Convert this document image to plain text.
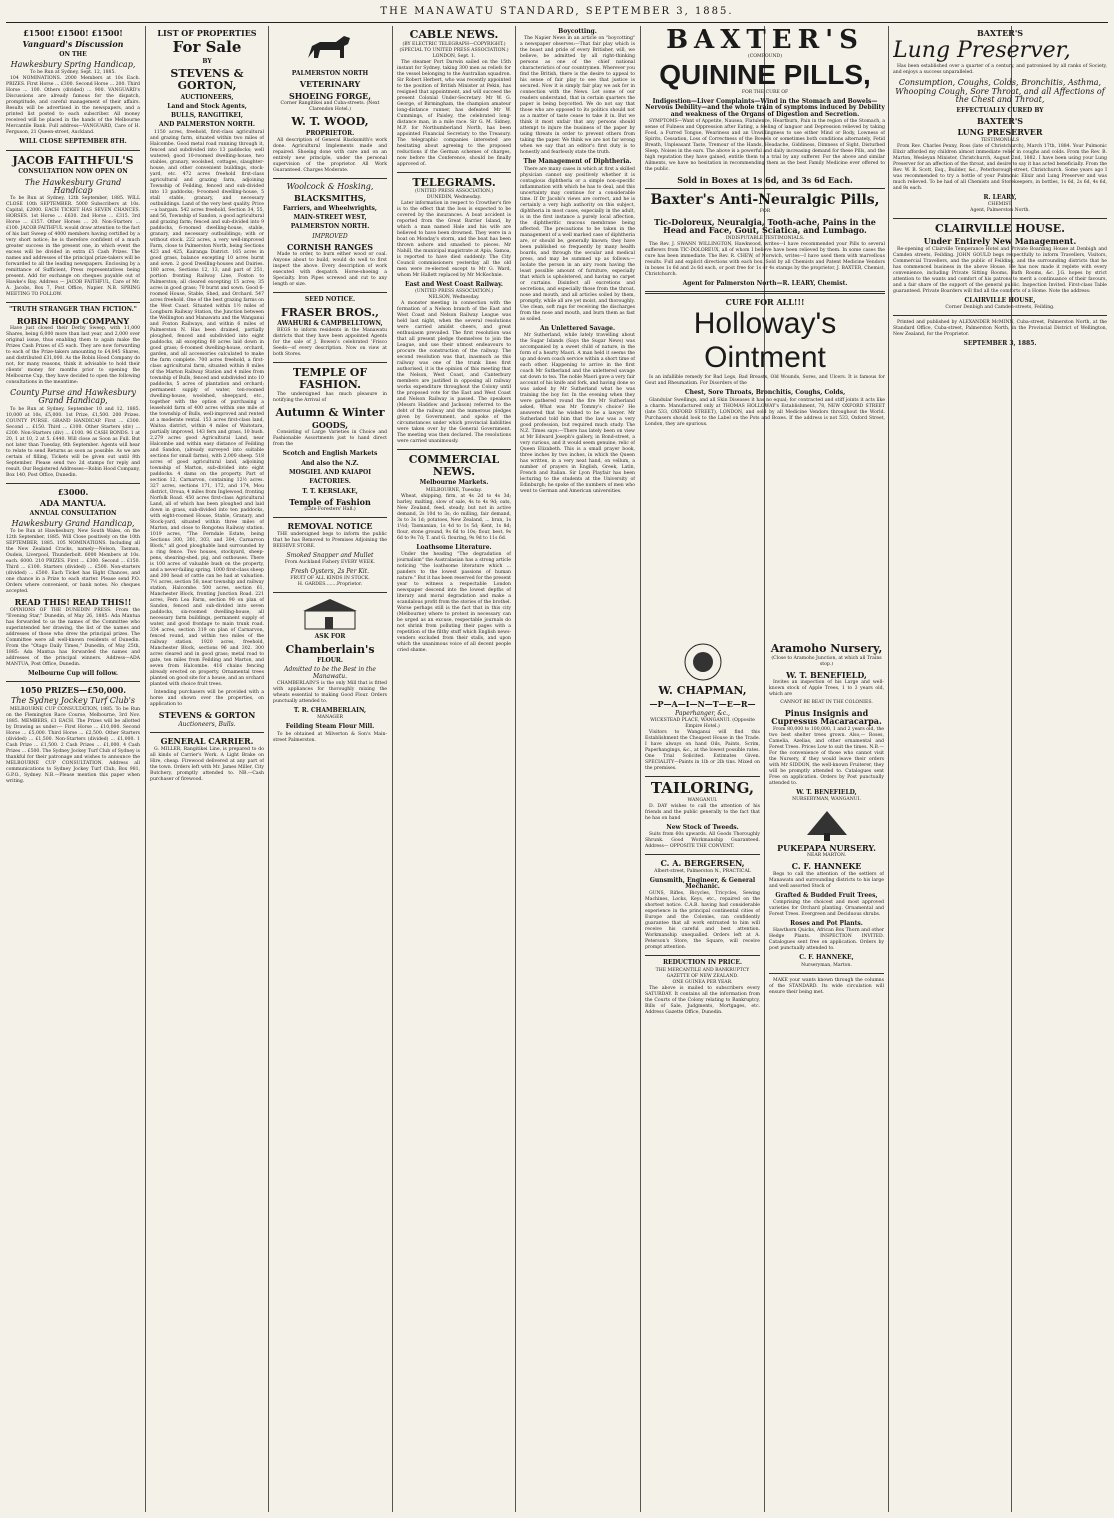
THE MANAWATU STANDARD, SEPTEMBER 3, 1885.
£1500! £1500! £1500!
Vanguard's Discussion
ON THE
Hawkesbury Spring Handicap,
To be Run at Sydney, Sept. 12, 1885.

104 NOMINATIONS. 2000 Members at 10s Each. PRIZES. First Horse ... £300. Second Horse ... 200. Third Horse ... 100. Others (divided) ... 900. VANGUARD's Discussions are already famous for the dispatch, promptitude, and careful management of their affairs. Results will be advertised in the newspapers, and a printed list posted to each subscriber. All money received will be placed in the hands of the Melbourne Mercantile Bank. Full address—VANGUARD, Care of H. Ferguson, 21 Queen-street, Auckland.

WILL CLOSE SEPTEMBER 8TH.
JACOB FAITHFUL'S
CONSULTATION NOW OPEN ON
The Hawkesbury Grand Handicap

To be Run at Sydney, 12th September, 1885. WILL CLOSE 10th SEPTEMBER. 5000 Subscribers at 10s. Capital, £2000. EACH TICKET HAS SEVEN CHANCES. HORSES. 1st Horse ... £630. 2nd Horse ... £315. 3rd Horse ... £157. Other Horses ... 20. Non-Starters ... £100. JACOB FAITHFUL would draw attention to the fact of his last Sweep of 4000 members having certified by a very short notice; he is therefore confident of a much greater success in the present one, in which event the excess will be divided in extra £5 Cash Prizes. The names and addresses of the principal prize-takers will be forwarded to all the leading newspapers. Enclosing by a remittance of Sufficient, Press representatives being present. Add for exchange on cheques payable out of Hawke's Bay. Address — JACOB FAITHFUL, Care of Mr. A. Jacobs, Box 7, Post Office, Napier. N.B. SPRING MEETING TO FOLLOW.

"TRUTH STRANGER THAN FICTION."
ROBIN HOOD COMPANY

Have just closed their Derby Sweep, with 11,000 Shares, being 6,000 more than last year, and 2,000 over original issue, thus enabling them to again make the Prizes Cash Prizes of £5 each. They are now forwarding to each of the Prize-takers amounting to £4,845 Shares, and distributed £31,000. As the Robin Hood Company do not, for many reasons, think it advisable to hold their clients' money for months prior to opening the Melbourne Cup, they have decided to open the following consultations in the meantime:

County Purse and Hawkesbury Grand Handicap,

To be Run at Sydney, September 10 and 12, 1885. 10,000 at 10s, £5,000. 1st Prize, £1,500. 200 Prizes. COUNTY PURSE. GRAND HANDICAP. First ... £300. Second ... £150. Third ... £100. Other Starters (div) ... £200. Non-Starters (div) ... £100. 96 CASH BONDS. 1 at 20, 1 at 10, 2 at 5. £440. Will close as Soon as Full. But not later than Tuesday, 8th September. Agents will hear to relate to send Returns as soon as possible. As we are certain of filling, Tickets will be given out until 8th September. Please send two 2d stamps for reply and result. Our Registered Addresses—Robin Hood Company, Box 140, Post Office, Dunedin.

£3000.
ADA MANTUA.
ANNUAL CONSULTATION
Hawkesbury Grand Handicap,

To be Run at Hawkesbury, New South Wales, on the 12th September, 1885. Will Close positively on the 10th SEPTEMBER, 1885. 105 NOMINATIONS. Including all the New Zealand Cracks, namely—Nelson, Tasman, Oudeis, Liverpool, Thunderbolt. 6000 Members at 10s. each. 6000. 210 PRIZES. First ... £300. Second ... £150. Third ... £100. Starters (divided) ... £500. Non-starters (divided) ... £500. Each Ticket has Eight Chances, and one chance in a Prize to each starter. Please send P.O. Orders where convenient, or bank notes. No cheques accepted.

READ THIS! READ THIS!!

OPINIONS OF THE DUNEDIN PRESS. From the "Evening Star," Dunedin, of May 26, 1885: Ada Mantua has forwarded to us the names of the Committee who superintended her drawing, the list of the names and addresses of those who drew the principal prizes. The Committee were all well-known residents of Dunedin. From the "Otago Daily Times," Dunedin, of May 25th, 1885: Ada Mantua has forwarded the names and addresses of the principal winners. Address—ADA MANTUA, Post Office, Dunedin.

Melbourne Cup will follow.
1050 PRIZES—£50,000.
The Sydney Jockey Turf Club's

MELBOURNE CUP CONSULTATION, 1885. To be Run on the Flemington Race Course, Melbourne, 3rd Nov. 1885. MEMBERS, £1 EACH. The Prizes will be allotted by Drawing as under:— First Horse ... £10,000. Second Horse ... £5,000. Third Horse ... £2,500. Other Starters (divided) ... £1,500. Non-Starters (divided) ... £1,000. 1 Cash Prize ... £1,500. 2 Cash Prizes ... £1,000. 4 Cash Prizes ... £500. The Sydney Jockey Turf Club of Sydney is thankful for their patronage and wishes to announce the MELBOURNE CUP CONSULTATION. Address all communications to Sydney Jockey Turf Club, Box 981, G.P.O., Sydney. N.B.—Please mention this paper when writing.

LIST OF PROPERTIES
For Sale
BY
STEVENS & GORTON,
AUCTIONEERS,
Land and Stock Agents,
BULLS, RANGITIKEI,
AND PALMERSTON NORTH.

1150 acres, freehold, first-class agricultural and grazing farm, situated within two miles of Halcombe. Good metal road running through it, fenced and subdivided into 13 paddocks; well watered; good 10-roomed dwelling-house, two stables, granary, woolshed, cottages, slaughter-house, and other convenient buildings, stock-yard, etc. 472 acres freehold first-class agricultural and grazing farm, adjoining Township of Feilding, fenced and sub-divided into 13 paddocks; 9-roomed dwelling-house, 5 stall stable, granary, and necessary outbuildings. Land of the very best quality. Price—a bargain. 542 acres freehold, Section 34, 55, and 56, Township of Sandon, a good agricultural and grazing farm; fenced and sub-divided into 9 paddocks, 6-roomed dwelling-house, stable, granary, and necessary outbuildings; with or without stock. 222 acres, a very well-improved Farm, close to Palmerston North, being Sections 423 and 425, Kairanga District. 165 acres in good grass, balance excepting 10 acres burnt and sown. 2 good Dwelling-houses and Dairies. 180 acres, Sections 12, 13, and part of 251, portion fronting Railway Line, Foxton to Palmerston; all cleared excepting 15 acres; 35 acres in good grass; 70 burnt and sown. Good 6-roomed House, Stable, Shed, and Orchard. 547 acres freehold. One of the best grazing farms on the West Coast. Situated within 1½ miles of Longburn Railway Station, the Junction between the Wellington and Manawatu and the Wanganui and Foxton Railways, and within 6 miles of Palmerston N. Has been drained, partially ploughed, fenced and subdivided into eight paddocks, all excepting 60 acres laid down in good grass; 6-roomed dwelling-house, orchard, garden, and all accessories calculated to make the farm complete. 700 acres freehold, a first-class agricultural farm, situated within 8 miles of the Marton Railway Station and 4 miles from township of Bulls, fenced and subdivided into 10 paddocks, 5 acres of plantation and orchard; permanent supply of water, ten-roomed dwelling-house, woolshed, sheepyard, etc., together with the option of purchasing a leasehold farm of 400 acres within one mile of the township of Bulls, well-improved and rented at a moderate rental. 153 acres first-class land, Waitoa district, within 4 miles of Waitotara, partially improved, 143 fern and grass, 10 bush. 2,279 acres good Agricultural Land, near Halcombe and within easy distance of Feilding and Sandon, (already surveyed into suitable sections for small farms), with 2,000 sheep. 518 acres of good agricultural land, adjoining township of Marton, sub-divided into eight paddocks. 4 dams on the property. Part of section 12, Carnarvon, containing 12½ acres. 327 acres, sections 171, 172, and 174, Mou district, Oroua, 4 miles from Inglewood, fronting Norfolk Road. 450 acres first-class Agricultural Land, all of which has been ploughed and laid down in grass, sub-divided into ten paddocks, with eight-roomed House, Stable, Granary, and Stock-yard, situated within three miles of Marton, and close to Rongotea Railway station. 1019 acres, "The Ferndale Estate, being Sections 300, 301, 303, and 304, Carnarvon Block," all good ploughable land surrounded by a ring fence. Two houses, stockyard, sheep-pens, shearing-shed, pig, and outhouses. There is 100 acres of valuable bush on the property, and a never-failing spring. 1000 first-class sheep and 200 head of cattle can be had at valuation. 7½ acres, section 58, near township and railway station, Halcombe. 500 acres, section 61, Manchester Block, fronting Junction Road. 221 acres, Fern Lea Farm, section 90 on plan of Sandon, fenced and sub-divided into seven paddocks, six-roomed dwelling-house, all necessary farm buildings, permanent supply of water, and good frontage to main trunk road. 334 acres, section 319 on plan of Carnarvon, fenced round, and within two miles of the railway station. 1920 acres, freehold, Manchester Block, sections 96 and 302. 300 acres cleared and in good grass; metal road to gate, ten miles from Feilding and Marton, and seven from Halcombe. 416 chains fencing already erected on property. Ornamental trees planted on good site for a house, and an orchard planted with choice fruit trees.

Intending purchasers will be provided with a horse and shown over the properties, on application to

STEVENS & GORTON
Auctioneers, Bulls.
GENERAL CARRIER.

G. MILLER, Rangitikei Line, is prepared to do all kinds of Carrier's Work. A Light Brake on Hire, cheap. Firewood delivered at any part of the town. Orders left with Mr. James Miller, City Butchery, promptly attended to. NB.—Cash purchaser of firewood.

PALMERSTON NORTH
VETERINARY
SHOEING FORGE,
Corner Rangitikei and Cuba-streets. (Next Clarendon Hotel.)
W. T. WOOD,
PROPRIETOR.

All description of General Blacksmith's work done. Agricultural Implements made and repaired. Shoeing done with care and on an entirely new principle, under the personal supervision of the proprietor. All Work Guaranteed. Charges Moderate.

Woolcock & Hosking,
BLACKSMITHS,
Farriers, and Wheelwrights,
MAIN-STREET WEST,
PALMERSTON NORTH.
IMPROVED
CORNISH RANGES

Made to order, to burn either wood or coal. Anyone about to build, would do well to first inspect the above. Every description of work executed with despatch. Horse-shoeing a Specialty. Iron Pipes screwed and cut to any length or size.

SEED NOTICE.
FRASER BROS.,
AWAHURI & CAMPBELLTOWN,

BEGS to inform residents in the Manawatu districts that they have been appointed Agents for the sale of J. Bowen's celebrated 'Frisco Seeds—of every description. Now on view at both Stores.

TEMPLE OF FASHION.

The undersigned has much pleasure in notifying the Arrival of

Autumn & Winter
GOODS,

Consisting of Large Varieties in Choice and Fashionable Assortments just to hand direct from the

Scotch and English Markets
And also the N.Z.
MOSGIEL AND KAIAPOI
FACTORIES.
T. T. KERSLAKE,
Temple of Fashion
(Late Foresters' Hall.)
REMOVAL NOTICE

THE undersigned begs to inform the public that he has Removed to Premises Adjoining the BEEHIVE STORE.

Smoked Snapper and Mullet
From Auckland Fishery EVERY WEEK.
Fresh Oysters, 2s Per Kit.
FRUIT OF ALL KINDS IN STOCK.
H. GARDES........Proprietor.
ASK FOR
Chamberlain's
FLOUR.
Admitted to be the Best in the Manawatu.

CHAMBERLAIN'S is the only Mill that is fitted with appliances for thoroughly mixing the wheats essential to making Good Flour. Orders punctually attended to.

T. R. CHAMBERLAIN,
MANAGER
Feilding Steam Flour Mill.

To be obtained at Milverton & Son's Main-street Palmerston.

CABLE NEWS.
(BY ELECTRIC TELEGRAPH—COPYRIGHT.)
(SPECIAL TO UNITED PRESS ASSOCIATION.)
LONDON, Sept. 1.

The steamer Port Darwin sailed on the 15th instant for Sydney, taking 300 men as reliefs for the vessel belonging to the Australian squadron. Sir Robert Herbert, who was recently appointed to the position of British Minister at Pekin, has resigned that appointment, and will succeed the present Colonial Under-Secretary. Mr W. G. George, of Birmingham, the champion amateur long-distance runner, has defeated Mr W. Cummings, of Paisley, the celebrated long-distance man, in a mile race. Sir G. M. Sidney, M.P. for Northumberland North, has been appointed Financial Secretary to the Treasury. The telegraphic companies interested are hesitating about agreeing to the proposed reductions if the German schemes of charges, now before the Conference, should be finally approved of.

TELEGRAMS.
(UNITED PRESS ASSOCIATION.)
DUNEDIN, Wednesday.

Later information in respect to Crowther's fire is to the effect that the loss is expected to be covered by the insurances. A boat accident is reported from the Great Barrier Island, by which a man named Hale and his wife are believed to have been drowned. They were in a boat on Monday's storm, and the boat has been thrown ashore and smashed to pieces. Mr Nahill, the municipal magistrate at Apia, Samoa, is reported to have died suddenly. The City Council commissioners yesterday all the old men were re-elected except to Mr G. Ward, whom Mr Hallett replaced by Mr McKechnie.

East and West Coast Railway.
(UNITED PRESS ASSOCIATION.)
NELSON, Wednesday.

A monster meeting in connection with the formation of a Nelson branch of the East and West Coast and Nelson Railway League was held last night, when the several resolutions were carried amidst cheers, and great enthusiasm prevailed. The first resolution was that all present pledge themselves to join the League, and use their utmost endeavours to procure the construction of the railway. The second resolution was that, inasmuch as this railway was one of the trunk lines first authorised, it is the opinion of this meeting that the Nelson, West Coast, and Canterbury members are justified in opposing all railway works expenditure throughout the Colony until the proposed vote for the East and West Coast and Nelson Railway is passed. The speakers (Messrs Haddow and Jackson) referred to the debt of the railway and the numerous pledges given by Government, and spoke of the circumstances under which provincial liabilities were taken over by the General Government. The meeting was then declared. The resolutions were carried unanimously.

COMMERCIAL NEWS.
Melbourne Markets.
MELBOURNE, Tuesday.

Wheat, shipping, firm, at 4s 2d to 4s 3d; barley, malting, slow of sale, 4s to 4s 9d; oats, New Zealand, feed, steady, but not in active demand, 2s 10d to 3s; do milling, fair demand, 3s to 3s 1d; potatoes, New Zealand, ... bran, 1s 1½d; Tasmanian, 1s 4d to 1s 5d; Kent, 1s 8d; flour, stone ground, 9s 6d to 10s; flour, best, 9s 6d to 9s 7d; T. and G. flouring, 9s 9d to 11s 6d.

Loathsome Literature.

Under the heading "The degradation of journalism" the Australasian has a strong article noticing "the loathsome literature which ... panders to the lowest passions of human nature." But it has been reserved for the present year to witness a respectable London newspaper descend into the lowest depths of literary and moral degradation and make a scandalous profit from the stories of the brothel. Worse perhaps still is the fact that in this city (Melbourne) where to protest in necessary can be urged as an excuse, respectable journals do not shrink from polluting their pages with a repetition of the filthy stuff which English news-venders excluded from their stalls, and upon which the unanimous voice of all decent people cried shame.

Boycotting.

The Napier News in an article on "boycotting" a newspaper observes:—That fair play which is the boast and pride of every Britisher, will, we believe, be admitted by all right-thinking persons as one of the chief national characteristics of our countrymen. Wherever you find the British, there is the desire to appeal to his sense of fair play to see that justice is secured. Now it is simply fair play we ask for in connection with the News. Let some of our readers understand, that in certain quarters the paper is being boycotted. We do not say that those who are opposed to its politics should not as a matter of taste cease to take it in. But we think it most unfair that any persons should attempt to injure the business of the paper by using threats in order to prevent others from taking the paper. We think we are not far wrong when we say that an editor's first duty is to honestly and fearlessly state the truth.

The Management of Diphtheria.

There are many cases in which at first a skilled physician cannot say positively whether it is contagious diphtheria or a simple non-specific inflammation with which he has to deal, and this uncertainty may continue for a considerable time. If Dr Jacobi's views are correct, and he is certainly a very high authority on this subject, diphtheria in most cases, especially in the adult, is in the first instance a purely local affection, the diphtheritic mucous membrane being affected. The precautions to be taken in the management of a well marked case of diphtheria are, or should be, generally known; they have been published so frequently by many health boards, and through the secular and medical press, and may be summed up as follows:—Isolate the person in an airy room having the least possible amount of furniture, especially that which is upholstered, and having no carpet or curtains. Disinfect all excretions and secretions, and especially those from the throat, nose and mouth, and all articles soiled by them, promptly, while all are yet moist, and thoroughly. Use clean, soft rags for receiving the discharges from the nose and mouth, and burn them as fast as soiled.

An Unlettered Savage.

Mr Sutherland, while lately travelling about the Sugar Islands (Says the Sugar News) was accompanied by a sweet child of nature, in the form of a hearty Maori. A man held it seems the up and down coach service within a short time of each other. Happening to arrive in the first coach Mr Sutherland and the unlettered savage sat down to tea. The noble Maori gave a very fair account of his knife and fork, and having done so was asked by Mr Sutherland what he was training the boy for. In the evening when they were gathered round the fire Mr Sutherland asked, What was Mr Tommy's choice? He answered that he wished to be a lawyer. Mr Sutherland told him that the law was a very good profession, but required much study. The N.Z. Times says:—There has lately been on view at Mr Edward Joseph's gallery, in Bond-street, a very curious, and it would seem genuine, relic of Queen Elizabeth. This is a small prayer book, three inches by two inches, in which the Queen has written, in a very neat hand, on vellum, a number of prayers in English, Greek, Latin, French and Italian. Sir Lyon Playfair has been lecturing to the students at the University of Edinburgh; he spoke of the numbers of men who went to German and American universities.

BAXTER'S
(COMPOUND)
QUININE PILLS,
FOR THE CURE OF
Indigestion—Liver Complaints—Wind in the Stomach and Bowels—Nervous Debility—and the whole train of symptoms induced by Debility and weakness of the Organs of Digestion and Secretion.

SYMPTOMS—Want of Appetite, Nausea, Flatulence, Heartburn, Pain in the region of the Stomach, a sense of Fulness and Oppression after Eating, a feeling of languor and Depression relieved by taking Food, a Furred Tongue, Weariness and an Unwillingness to use either Mind or Body, Lowness of Spirits, Cessation, Loss of Correctness of the Bowels or sometimes both conditions alternately, Fetid Breath, Unpleasant Taste, Tremour of the Hands, Headache, Giddiness, Dimness of Sight, Disturbed Sleep, Noises in the ears. The above is a powerful and daily increasing demand for these Pills, and the high reputation they have gained, entitle them to a trial by any sufferer. For the above and similar Ailments, we have no hesitation in recommending them as the best Family Medicine ever offered to the public.

Sold in Boxes at 1s 6d, and 3s 6d Each.
Baxter's Anti-Neuralgic Pills,
FOR
Tic-Doloreux, Neuralgia, Tooth-ache, Pains in the Head and Face, Gout, Sciatica, and Lumbago.
INDISPUTABLE TESTIMONIALS.

The Rev. J. SWANN WILLINGTON, Hawkwood, writes—I have recommended your Pills to several sufferers from TIC-DOLOREUX, all of whom I believe have been relieved by them. In some cases the cure has been immediate. The Rev. R. CHEW, of Norwich, writes—I have used them with marvellous results. Full and explicit directions with each box. Sold by all Chemists and Patent Medicine Vendors in boxes 1s 6d and 2s 6d each, or post free for 1s or 4s stamps by the proprietor, J. BAXTER, Chemist, Christchurch.

Agent for Palmerston North—R. LEARY, Chemist.
CURE FOR ALL!!!
Holloway's Ointment

Is an infallible remedy for Bad Legs, Bad Breasts, Old Wounds, Sores, and Ulcers. It is famous for Gout and Rheumatism. For Disorders of the

Chest, Sore Throats, Bronchitis, Coughs, Colds,

Glandular Swellings, and all Skin Diseases it has no equal; for contracted and stiff joints it acts like a charm. Manufactured only at THOMAS HOLLOWAY's Establishment, 78, NEW OXFORD STREET (late 533, OXFORD STREET), LONDON, and sold by all Medicine Vendors throughout the World. Purchasers should look to the Label on the Pots and Boxes. If the address is not 533, Oxford Street, London, they are spurious.

W. CHAPMAN,
—P—A—I—N—T—E—R—
Paperhanger, &c.,
WICKSTEAD PLACE, WANGANUI. (Opposite Empire Hotel.)

Visitors to Wanganui will find this Establishment the Cheapest House in the Trade. I have always on hand Oils, Paints, Scrim, Paperhangings, &c., at the lowest possible rates. One Trial Solicited. Estimates Given. SPECIALITY—Paints in 1lb or 2lb tins. Mixed on the premises.

TAILORING,
WANGANUI.

D. DAY wishes to call the attention of his friends and the public generally to the fact that he has on hand

New Stock of Tweeds.

Suits from 60s upwards. All Goods Thoroughly Shrunk. Good Workmanship Guaranteed. Address— OPPOSITE THE CONVENT.

C. A. BERGERSEN,
Albert-street, Palmerston N., PRACTICAL
Gunsmith, Engineer, & General Mechanic.

GUNS, Rifles, Bicycles, Tricycles, Sewing Machines, Locks, Keys, etc., repaired on the shortest notice. C.A.B. having had considerable experience in the principal continental cities of Europe and the Colonies, can confidently guarantee that all work entrusted to him will receive his careful and best attention. Workmanship unequalled. Orders left at A. Peterson's Store, the Square, will receive prompt attention.

REDUCTION IN PRICE.
THE MERCANTILE AND BANKRUPTCY GAZETTE OF NEW ZEALAND.
ONE GUINEA PER YEAR.

The above is mailed to subscribers every SATURDAY. It contains all the information from the Courts of the Colony relating to Bankruptcy, Bills of Sale, Judgments, Mortgages, etc. Address Gazette Office, Dunedin.

Aramoho Nursery,
(Close to Aramoho Junction, at which all Trains stop.)
W. T. BENEFIELD,

Invites an inspection of his Large and well-known stock of Apple Trees, 1 to 3 years old, which are

CANNOT BE BEAT IN THE COLONIES.
Pinus Insignis and Cupressus Macaracarpa.

From 80,000 to 100,000, 1 and 2 years old, the two best shelter trees grown. Also,— Roses, Camelia, Azelias, and other ornamental and Forest Trees. Prices Low to suit the times. N.B.—For the convenience of those who cannot visit the Nursery, if they would leave their orders with Mr SIDDON, the well-known Fruiterer, they will be promptly attended to. Catalogues sent Free on application. Orders by Post punctually attended to.

W. T. BENEFIELD,
NURSERYMAN, WANGANUI.
PUKEPAPA NURSERY.
NEAR MARTON.
C. F. HANNEKE

Begs to call the attention of the settlers of Manawatu and surrounding districts to his large and well assorted Stock of

Grafted & Budded Fruit Trees,

Comprising the choicest and most approved varieties for Orchard planting. Ornamental and Forest Trees. Evergreen and Deciduous shrubs.

Roses and Pot Plants.

Hawthorn Quicks, African Box Thorn and other Hedge Plants. INSPECTION INVITED. Catalogues sent free on application. Orders by post punctually attended to.

C. F. HANNEKE,
Nurseryman, Marton.

MAKE your wants known through the columns of the STANDARD. Its wide circulation will ensure their being met.

BAXTER'S
Lung Preserver,

Has been established over a quarter of a century, and patronised by all ranks of Society, and enjoys a success unparalleled.

Consumption, Coughs, Colds, Bronchitis, Asthma, Whooping Cough, Sore Throat, and all Affections of the Chest and Throat,
EFFECTUALLY CURED BY
BAXTER'S
LUNG PRESERVER
TESTIMONIALS

From Rev. Charles Penny, Ross (late of Christchurch), March 17th, 1884. Your Pulmonic Elixir afforded my children almost immediate relief in coughs and colds. From the Rev. B. Marton, Wesleyan Minister, Christchurch, August 2nd, 1882. I have been using your Lung Preserver for an affection of the throat, and desire to say it has acted beneficially. From the Rev. W. B. Scott, Esq., Builder, &c., Peterborough-street, Christchurch. Some years ago I was recommended to try a bottle of your Pulmonic Elixir and Lung Preserver and was much relieved. To be had of all Chemists and Storekeepers, in bottles, 1s 6d, 2s 6d, 4s 6d, and 8s each.

R. LEARY,
CHEMIST,
Agent, Palmerston North.
CLAIRVILLE HOUSE.
Under Entirely New Management.

Re-opening of Clairville Temperance Hotel and Private Boarding House at Denbigh and Camden streets, Feilding. JOHN GOULD begs respectfully to inform Travellers, Visitors, Commercial Travellers, and the public of Feilding, and the surrounding districts that he has commenced business in the above House. He has now made it replete with every convenience, including Private Sitting Rooms, Bath Rooms, &c. J.G. hopes by strict attention to the wants and comfort of his patrons to merit a continuance of their favours, and a fair share of the support of the general public. Inspection Invited. First-class Table guaranteed. Private Boarders will find all the comforts of a Home. Note the address:

CLAIRVILLE HOUSE,
Corner Denbigh and Camden-streets, Feilding.

Printed and published by ALEXANDER McMINN, Cuba-street, Palmerston North, at the Standard Office, Cuba-street, Palmerston North, in the Provincial District of Wellington, New Zealand, for the Proprietor.

SEPTEMBER 3, 1885.
